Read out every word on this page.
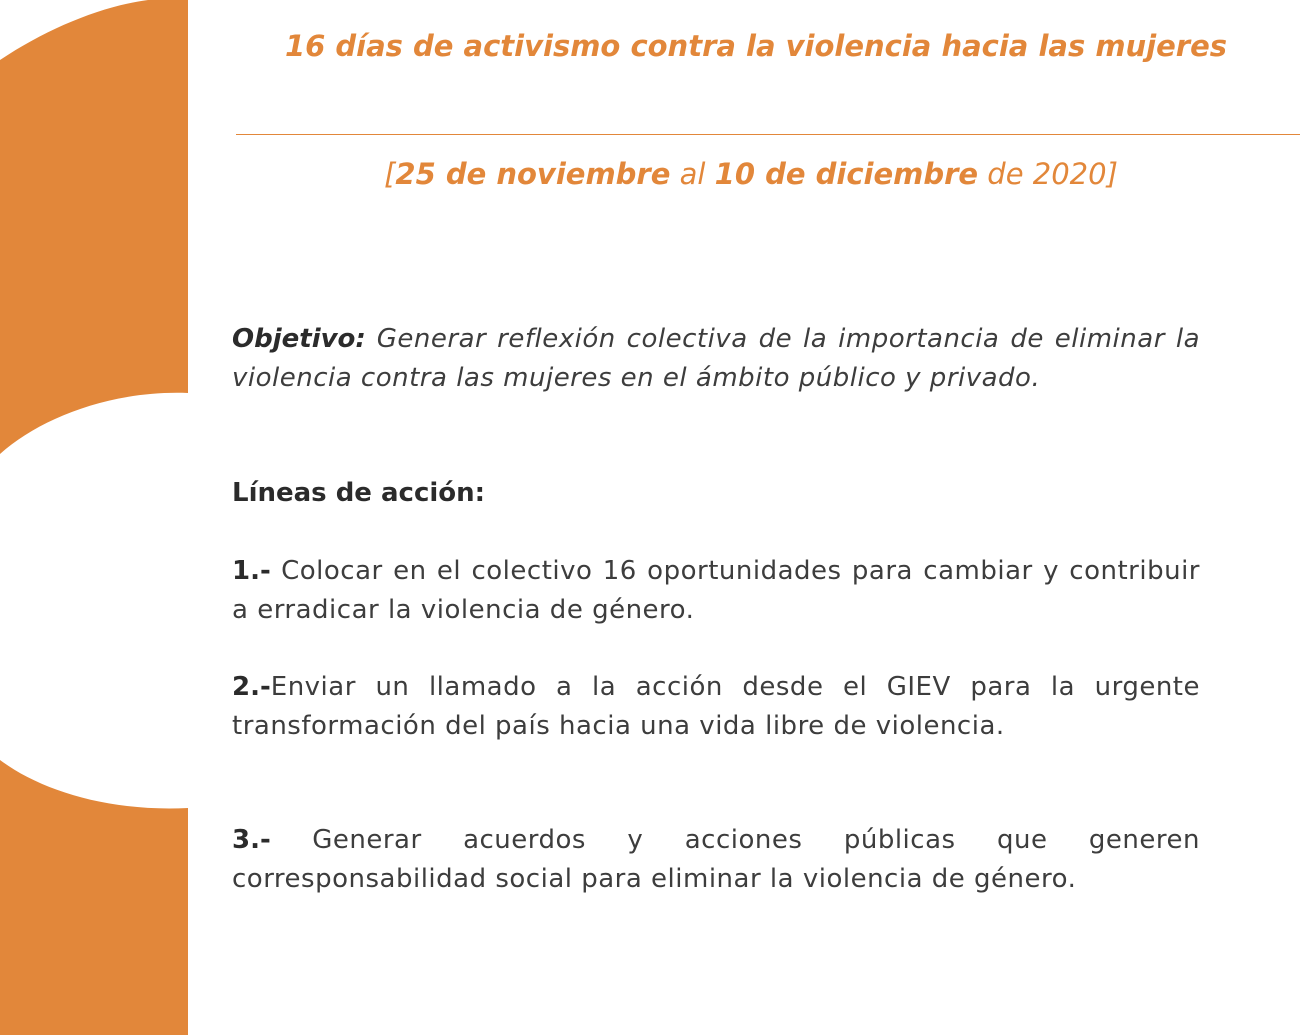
16 días de activismo contra la violencia hacia las mujeres

[25 de noviembre al 10 de diciembre de 2020]

Objetivo: Generar reflexión colectiva de la importancia de eliminar la violencia contra las mujeres en el ámbito público y privado.

Líneas de acción:

1.- Colocar en el colectivo 16 oportunidades para cambiar y contribuir a erradicar la violencia de género.

2.-Enviar un llamado a la acción desde el GIEV para la urgente transformación del país hacia una vida libre de violencia.

3.- Generar acuerdos y acciones públicas que generen corresponsabilidad social para eliminar la violencia de género.
